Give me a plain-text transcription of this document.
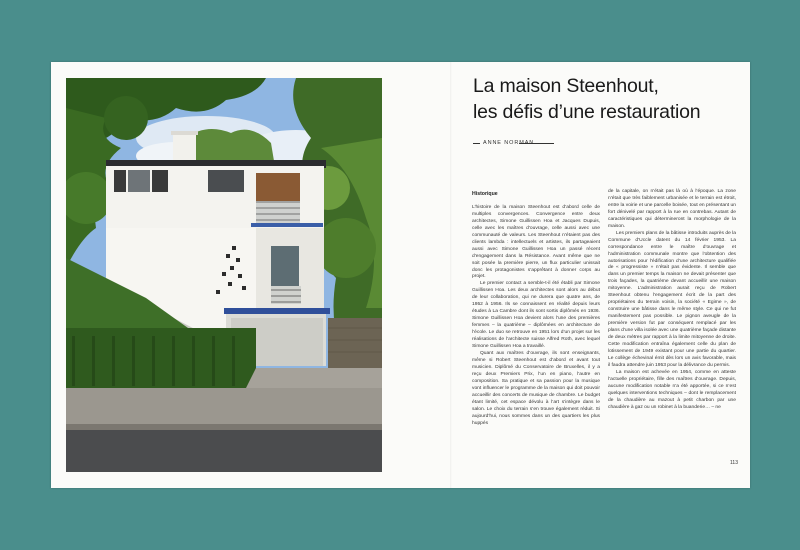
La maison Steenhout,
les défis d’une restauration
ANNE NORMAN
Historique

L’histoire de la maison Steenhout est d’abord celle de multiples convergences. Convergence entre deux architectes, Simone Guillissen Hoa et Jacques Dupuis, celle avec les maîtres d’ouvrage, celle aussi avec une communauté de valeurs. Les Steenhout n’étaient pas des clients lambda : intellectuels et artistes, ils partageaient aussi avec Simone Guillissen Hoa un passé récent d’engagement dans la Résistance. Avant même que ne soit posée la première pierre, un flux particulier unissait donc les protagonistes s’apprêtant à donner corps au projet.

Le premier contact a semble-t-il été établi par Simone Guillissen Hoa. Les deux architectes sont alors au début de leur collaboration, qui ne durera que quatre ans, de 1952 à 1956. Ils se connaissent en réalité depuis leurs études à La Cambre dont ils sont sortis diplômés en 1936. Simone Guillissen Hoa devient alors l’une des premières femmes – la quatrième – diplômées en architecture de l’école. Le duo se retrouve en 1951 lors d’un projet sur les réalisations de l’architecte suisse Alfred Roth, avec lequel Simone Guillissen Hoa a travaillé.

Quant aux maîtres d’ouvrage, ils sont enseignants, même si Robert Steenhout est d’abord et avant tout musicien. Diplômé du Conservatoire de Bruxelles, il y a reçu deux Premiers Prix, l’un en piano, l’autre en composition. Sa pratique et sa passion pour la musique vont influencer le programme de la maison qui doit pouvoir accueillir des concerts de musique de chambre. Le budget étant limité, cet espace dévolu à l’art s’intègre dans le salon. Le choix du terrain s’en trouve également réduit. Si aujourd’hui, nous sommes dans un des quartiers les plus huppés

de la capitale, on n’était pas là où à l’époque. La zone n’était que très faiblement urbanisée et le terrain est étroit, entre la voirie et une parcelle boisée, tout en présentant un fort dénivelé par rapport à la rue en contrebas. Autant de caractéristiques qui détermineront la morphologie de la maison.

Les premiers plans de la bâtisse introduits auprès de la Commune d’Uccle datent du 14 février 1953. La correspondance entre le maître d’ouvrage et l’administration communale montre que l’obtention des autorisations pour l’édification d’une architecture qualifiée de « progressiste » n’était pas évidente. Il semble que dans un premier temps la maison ne devait présenter que trois façades, la quatrième devant accueillir une maison mitoyenne. L’administration aurait reçu de Robert Steenhout obtenu l’engagement écrit de la part des propriétaires du terrain voisin, la société « Egime », de construire une bâtisse dans le même style. Ce qui ne fut manifestement pas possible. Le pignon aveugle de la première version fut par conséquent remplacé par les plans d’une villa isolée avec une quatrième façade distante de deux mètres par rapport à la limite mitoyenne de droite. Cette modification entraîna également celle du plan de lotissement de 1949 existant pour une partie du quartier. Le collège échevinal émit dès lors un avis favorable, mais il faudra attendre juin 1953 pour la délivrance du permis.

La maison est achevée en 1954, comme en atteste l’actuelle propriétaire, fille des maîtres d’ouvrage. Depuis, aucune modification notable n’a été apportée, si ce n’est quelques interventions techniques – dont le remplacement de la chaudière au mazout à petit charbon par une chaudière à gaz ou un robinet à la buanderie… – ne

113
